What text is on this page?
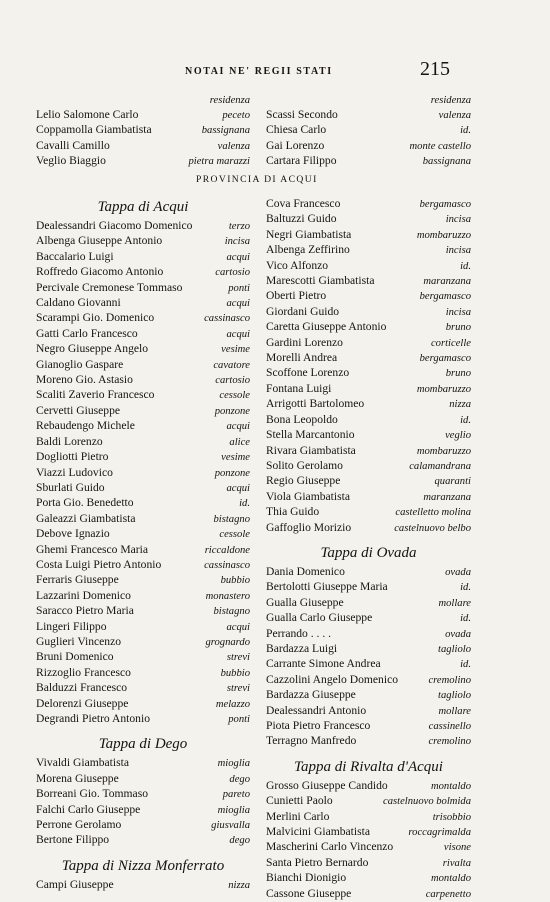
NOTAI NE' REGII STATI	215
residenza
Lelio Salomone Carlo	peceto
Coppamolla Giambatista	bassignana
Cavalli Camillo	valenza
Veglio Biaggio	pietra marazzi
residenza
Scassi Secondo	valenza
Chiesa Carlo	id.
Gai Lorenzo	monte castello
Cartara Filippo	bassignana
PROVINCIA DI ACQUI
Tappa di Acqui
Dealessandri Giacomo Domenico	terzo
Albenga Giuseppe Antonio	incisa
Baccalario Luigi	acqui
Roffredo Giacomo Antonio	cartosio
Percivale Cremonese Tommaso	ponti
Caldano Giovanni	acqui
Scarampi Gio. Domenico	cassinasco
Gatti Carlo Francesco	acqui
Negro Giuseppe Angelo	vesime
Gianoglio Gaspare	cavatore
Moreno Gio. Astasio	cartosio
Scaliti Zaverio Francesco	cessole
Cervetti Giuseppe	ponzone
Rebaudengo Michele	acqui
Baldi Lorenzo	alice
Dogliotti Pietro	vesime
Viazzi Ludovico	ponzone
Sburlati Guido	acqui
Porta Gio. Benedetto	id.
Galeazzi Giambatista	bistagno
Debove Ignazio	cessole
Ghemi Francesco Maria	riccaldone
Costa Luigi Pietro Antonio	cassinasco
Ferraris Giuseppe	bubbio
Lazzarini Domenico	monastero
Saracco Pietro Maria	bistagno
Lingeri Filippo	acqui
Guglieri Vincenzo	grognardo
Bruni Domenico	strevi
Rizzoglio Francesco	bubbio
Balduzzi Francesco	strevi
Delorenzi Giuseppe	melazzo
Degrandi Pietro Antonio	ponti
Tappa di Dego
Vivaldi Giambatista	mioglia
Morena Giuseppe	dego
Borreani Gio. Tommaso	pareto
Falchi Carlo Giuseppe	mioglia
Perrone Gerolamo	giusvalla
Bertone Filippo	dego
Tappa di Nizza Monferrato
Campi Giuseppe	nizza
Cova Francesco	bergamasco
Baltuzzi Guido	incisa
Negri Giambatista	mombaruzzo
Albenga Zeffirino	incisa
Vico Alfonzo	id.
Marescotti Giambatista	maranzana
Oberti Pietro	bergamasco
Giordani Guido	incisa
Caretta Giuseppe Antonio	bruno
Gardini Lorenzo	corticelle
Morelli Andrea	bergamasco
Scoffone Lorenzo	bruno
Fontana Luigi	mombaruzzo
Arrigotti Bartolomeo	nizza
Bona Leopoldo	id.
Stella Marcantonio	veglio
Rivara Giambatista	mombaruzzo
Solito Gerolamo	calamandrana
Regio Giuseppe	quaranti
Viola Giambatista	maranzana
Thia Guido	castelletto molina
Gaffoglio Morizio	castelnuovo belbo
Tappa di Ovada
Dania Domenico	ovada
Bertolotti Giuseppe Maria	id.
Gualla Giuseppe	mollare
Gualla Carlo Giuseppe	id.
Perrando . . . .	ovada
Bardazza Luigi	tagliolo
Carrante Simone Andrea	id.
Cazzolini Angelo Domenico	cremolino
Bardazza Giuseppe	tagliolo
Dealessandri Antonio	mollare
Piota Pietro Francesco	cassinello
Terragno Manfredo	cremolino
Tappa di Rivalta d'Acqui
Grosso Giuseppe Candido	montaldo
Cunietti Paolo	castelnuovo bolmida
Merlini Carlo	trisobbio
Malvicini Giambatista	roccagrimalda
Mascherini Carlo Vincenzo	visone
Santa Pietro Bernardo	rivalta
Bianchi Dionigio	montaldo
Cassone Giuseppe	carpenetto
